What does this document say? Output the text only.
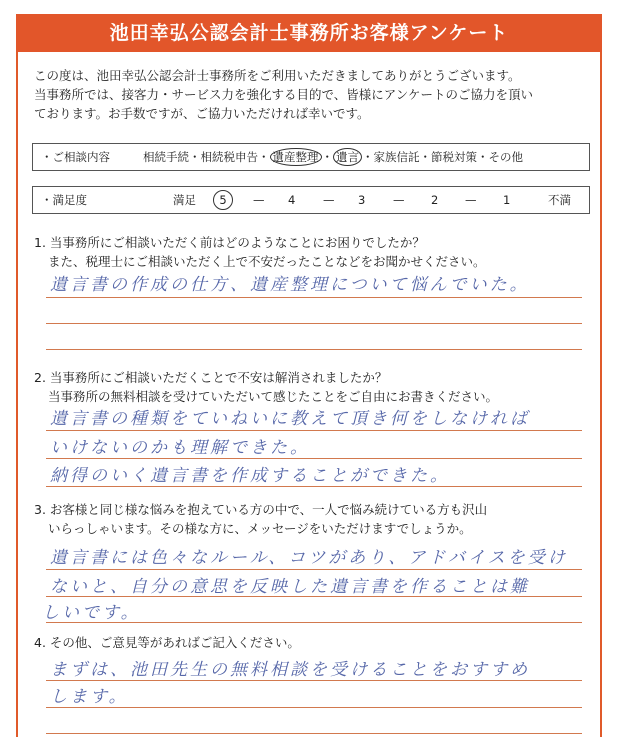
池田幸弘公認会計士事務所お客様アンケート
この度は、池田幸弘公認会計士事務所をご利用いただきましてありがとうございます。
当事務所では、接客力・サービス力を強化する目的で、皆様にアンケートのご協力を頂い
ております。お手数ですが、ご協力いただければ幸いです。
・ご相談内容	相続手続・相続税申告・ 遺産整理 ・ 遺言 ・家族信託・節税対策・その他
・満足度	満足	5	— 4 — 3 — 2 — 1	不満
1. 当事務所にご相談いただく前はどのようなことにお困りでしたか？
また、税理士にご相談いただく上で不安だったことなどをお聞かせください。
遺言書の作成の仕方、遺産整理について悩んでいた。
2. 当事務所にご相談いただくことで不安は解消されましたか？
当事務所の無料相談を受けていただいて感じたことをご自由にお書きください。
遺言書の種類をていねいに教えて頂き何をしなければ
いけないのかも理解できた。
納得のいく遺言書を作成することができた。
3. お客様と同じ様な悩みを抱えている方の中で、一人で悩み続けている方も沢山
いらっしゃいます。その様な方に、メッセージをいただけますでしょうか。
遺言書には色々なルール、コツがあり、アドバイスを受け
ないと、自分の意思を反映した遺言書を作ることは難
しいです。
4. その他、ご意見等があればご記入ください。
まずは、池田先生の無料相談を受けることをおすすめ
します。
